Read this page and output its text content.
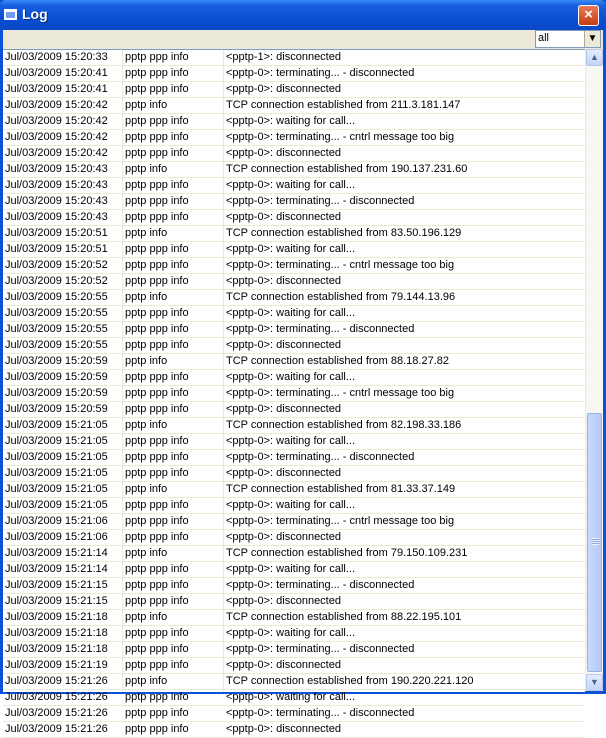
Log	×
all	▼
Jul/03/2009 15:20:33	pptp ppp info	<pptp-1>: disconnected
Jul/03/2009 15:20:41	pptp ppp info	<pptp-0>: terminating... - disconnected
Jul/03/2009 15:20:41	pptp ppp info	<pptp-0>: disconnected
Jul/03/2009 15:20:42	pptp info	TCP connection established from 211.3.181.147
Jul/03/2009 15:20:42	pptp ppp info	<pptp-0>: waiting for call...
Jul/03/2009 15:20:42	pptp ppp info	<pptp-0>: terminating... - cntrl message too big
Jul/03/2009 15:20:42	pptp ppp info	<pptp-0>: disconnected
Jul/03/2009 15:20:43	pptp info	TCP connection established from 190.137.231.60
Jul/03/2009 15:20:43	pptp ppp info	<pptp-0>: waiting for call...
Jul/03/2009 15:20:43	pptp ppp info	<pptp-0>: terminating... - disconnected
Jul/03/2009 15:20:43	pptp ppp info	<pptp-0>: disconnected
Jul/03/2009 15:20:51	pptp info	TCP connection established from 83.50.196.129
Jul/03/2009 15:20:51	pptp ppp info	<pptp-0>: waiting for call...
Jul/03/2009 15:20:52	pptp ppp info	<pptp-0>: terminating... - cntrl message too big
Jul/03/2009 15:20:52	pptp ppp info	<pptp-0>: disconnected
Jul/03/2009 15:20:55	pptp info	TCP connection established from 79.144.13.96
Jul/03/2009 15:20:55	pptp ppp info	<pptp-0>: waiting for call...
Jul/03/2009 15:20:55	pptp ppp info	<pptp-0>: terminating... - disconnected
Jul/03/2009 15:20:55	pptp ppp info	<pptp-0>: disconnected
Jul/03/2009 15:20:59	pptp info	TCP connection established from 88.18.27.82
Jul/03/2009 15:20:59	pptp ppp info	<pptp-0>: waiting for call...
Jul/03/2009 15:20:59	pptp ppp info	<pptp-0>: terminating... - cntrl message too big
Jul/03/2009 15:20:59	pptp ppp info	<pptp-0>: disconnected
Jul/03/2009 15:21:05	pptp info	TCP connection established from 82.198.33.186
Jul/03/2009 15:21:05	pptp ppp info	<pptp-0>: waiting for call...
Jul/03/2009 15:21:05	pptp ppp info	<pptp-0>: terminating... - disconnected
Jul/03/2009 15:21:05	pptp ppp info	<pptp-0>: disconnected
Jul/03/2009 15:21:05	pptp info	TCP connection established from 81.33.37.149
Jul/03/2009 15:21:05	pptp ppp info	<pptp-0>: waiting for call...
Jul/03/2009 15:21:06	pptp ppp info	<pptp-0>: terminating... - cntrl message too big
Jul/03/2009 15:21:06	pptp ppp info	<pptp-0>: disconnected
Jul/03/2009 15:21:14	pptp info	TCP connection established from 79.150.109.231
Jul/03/2009 15:21:14	pptp ppp info	<pptp-0>: waiting for call...
Jul/03/2009 15:21:15	pptp ppp info	<pptp-0>: terminating... - disconnected
Jul/03/2009 15:21:15	pptp ppp info	<pptp-0>: disconnected
Jul/03/2009 15:21:18	pptp info	TCP connection established from 88.22.195.101
Jul/03/2009 15:21:18	pptp ppp info	<pptp-0>: waiting for call...
Jul/03/2009 15:21:18	pptp ppp info	<pptp-0>: terminating... - disconnected
Jul/03/2009 15:21:19	pptp ppp info	<pptp-0>: disconnected
Jul/03/2009 15:21:26	pptp info	TCP connection established from 190.220.221.120
Jul/03/2009 15:21:26	pptp ppp info	<pptp-0>: waiting for call...
Jul/03/2009 15:21:26	pptp ppp info	<pptp-0>: terminating... - disconnected
Jul/03/2009 15:21:26	pptp ppp info	<pptp-0>: disconnected
▲
▼
